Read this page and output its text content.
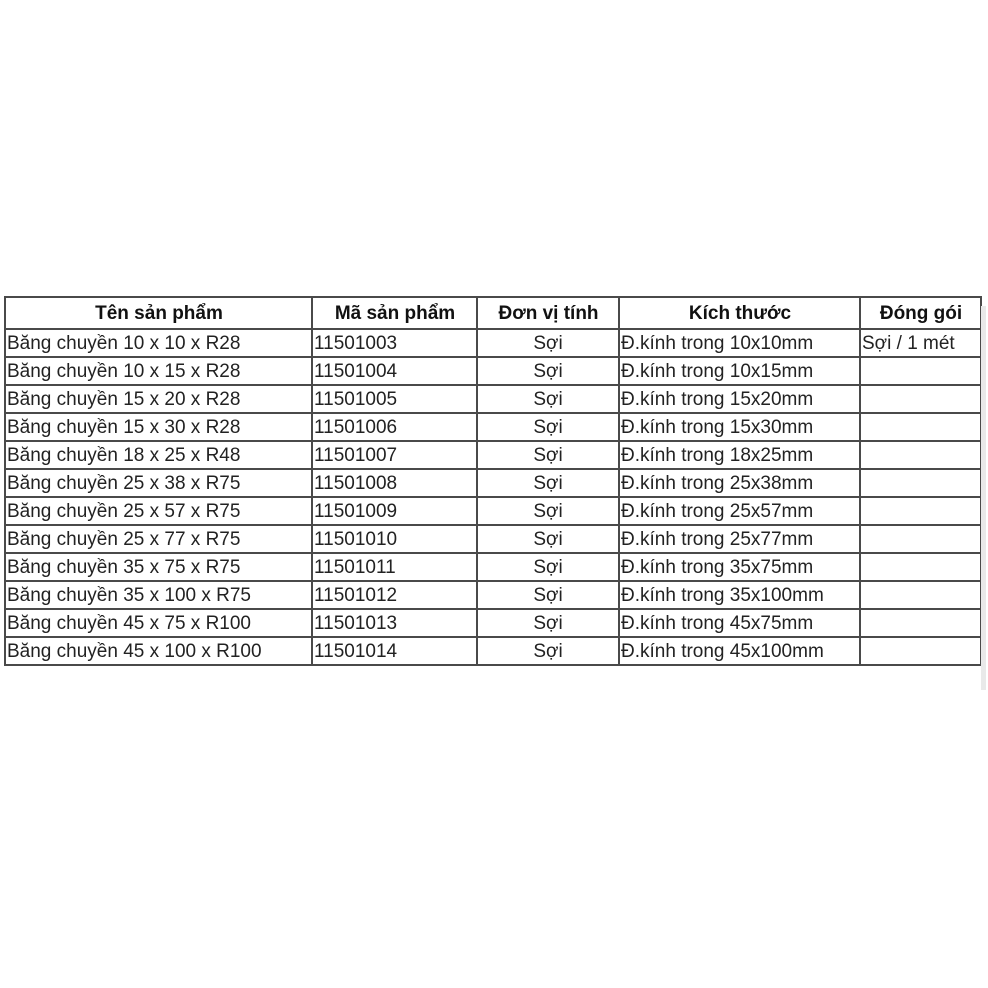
Tên sản phẩm	Mã sản phẩm	Đơn vị tính	Kích thước	Đóng gói
Băng chuyền 10 x 10 x R28	11501003	Sợi	Đ.kính trong 10x10mm	Sợi / 1 mét
Băng chuyền 10 x 15 x R28	11501004	Sợi	Đ.kính trong 10x15mm	
Băng chuyền 15 x 20 x R28	11501005	Sợi	Đ.kính trong 15x20mm	
Băng chuyền 15 x 30 x R28	11501006	Sợi	Đ.kính trong 15x30mm	
Băng chuyền 18 x 25 x R48	11501007	Sợi	Đ.kính trong 18x25mm	
Băng chuyền 25 x 38 x R75	11501008	Sợi	Đ.kính trong 25x38mm	
Băng chuyền 25 x 57 x R75	11501009	Sợi	Đ.kính trong 25x57mm	
Băng chuyền 25 x 77 x R75	11501010	Sợi	Đ.kính trong 25x77mm	
Băng chuyền 35 x 75 x R75	11501011	Sợi	Đ.kính trong 35x75mm	
Băng chuyền 35 x 100 x R75	11501012	Sợi	Đ.kính trong 35x100mm	
Băng chuyền 45 x 75 x R100	11501013	Sợi	Đ.kính trong 45x75mm	
Băng chuyền 45 x 100 x R100	11501014	Sợi	Đ.kính trong 45x100mm	
